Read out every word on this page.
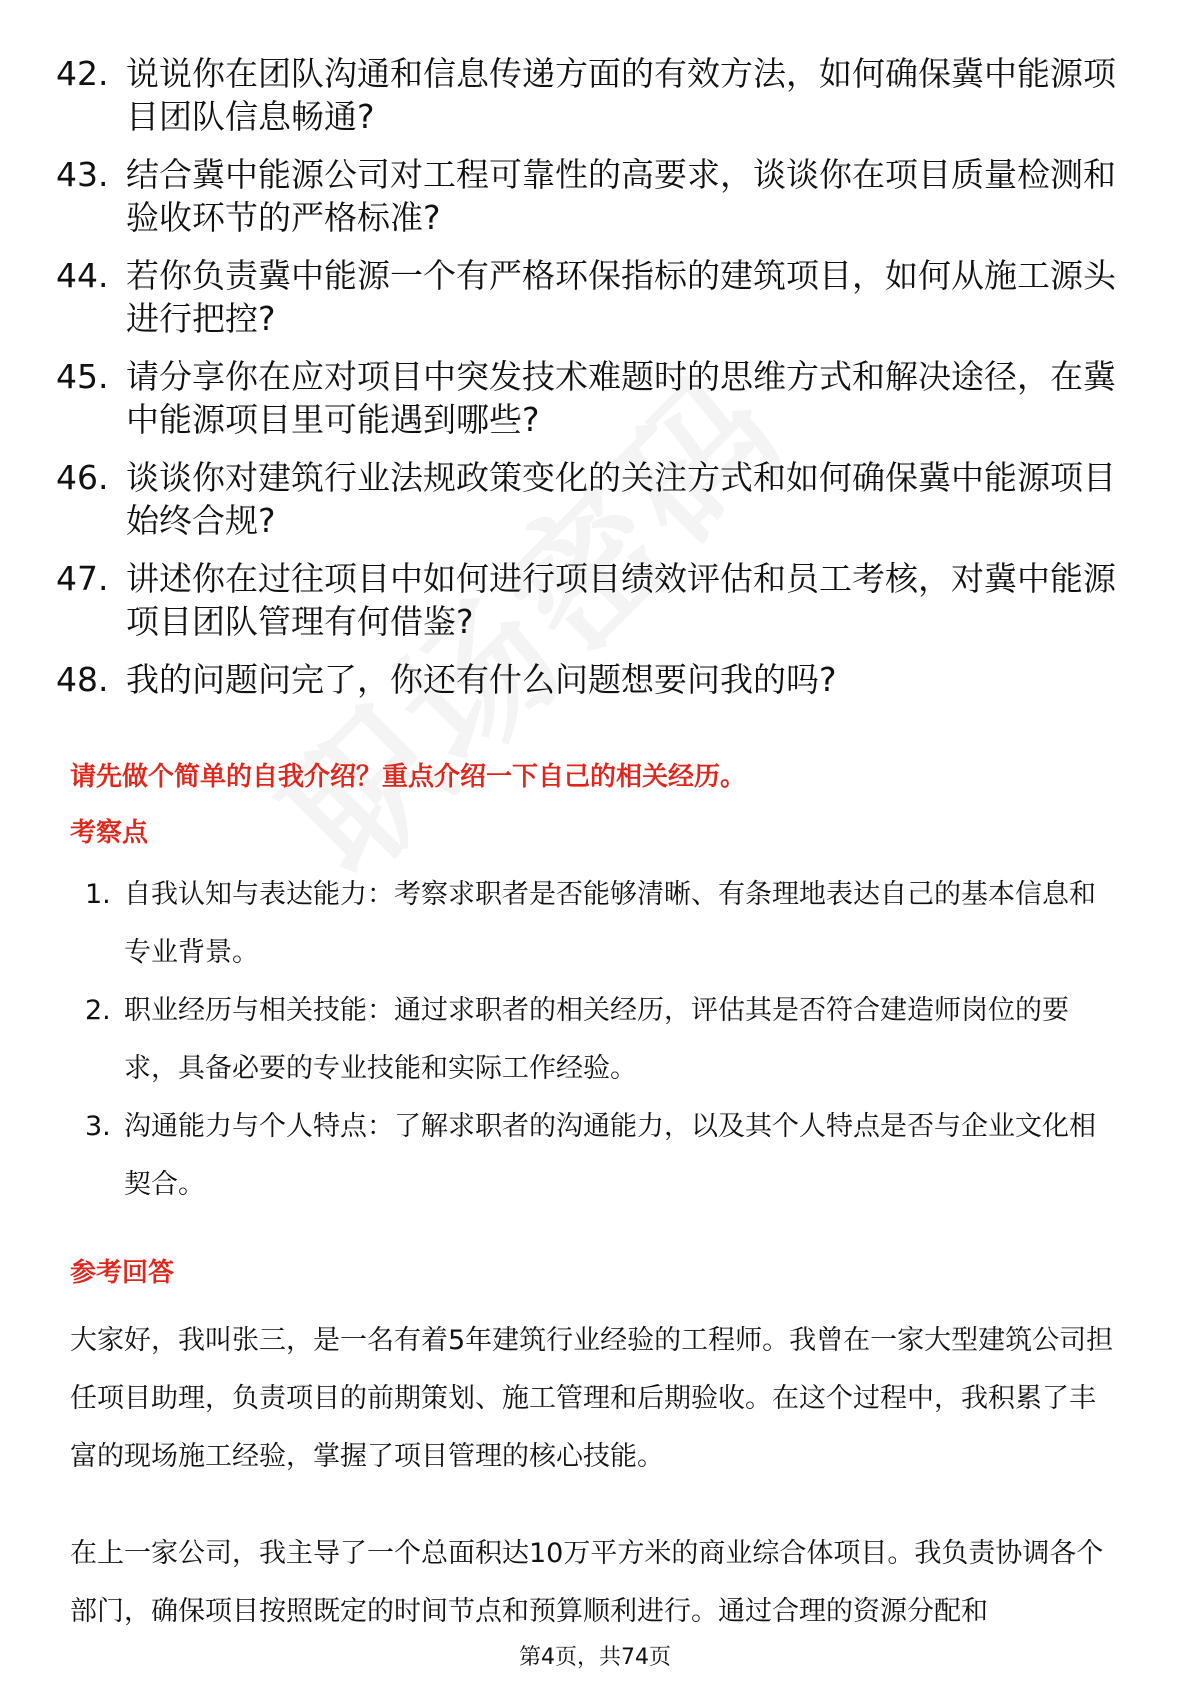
42. 说说你在团队沟通和信息传递方面的有效方法，如何确保冀中能源项目团队信息畅通?
43. 结合冀中能源公司对工程可靠性的高要求，谈谈你在项目质量检测和验收环节的严格标准?
44. 若你负责冀中能源一个有严格环保指标的建筑项目，如何从施工源头进行把控?
45. 请分享你在应对项目中突发技术难题时的思维方式和解决途径，在冀中能源项目里可能遇到哪些?
46. 谈谈你对建筑行业法规政策变化的关注方式和如何确保冀中能源项目始终合规?
47. 讲述你在过往项目中如何进行项目绩效评估和员工考核，对冀中能源项目团队管理有何借鉴?
48. 我的问题问完了，你还有什么问题想要问我的吗?
请先做个简单的自我介绍？重点介绍一下自己的相关经历。
考察点
1. 自我认知与表达能力：考察求职者是否能够清晰、有条理地表达自己的基本信息和专业背景。
2. 职业经历与相关技能：通过求职者的相关经历，评估其是否符合建造师岗位的要求，具备必要的专业技能和实际工作经验。
3. 沟通能力与个人特点：了解求职者的沟通能力，以及其个人特点是否与企业文化相契合。
参考回答

大家好，我叫张三，是一名有着5年建筑行业经验的工程师。我曾在一家大型建筑公司担任项目助理，负责项目的前期策划、施工管理和后期验收。在这个过程中，我积累了丰富的现场施工经验，掌握了项目管理的核心技能。

在上一家公司，我主导了一个总面积达10万平方米的商业综合体项目。我负责协调各个部门，确保项目按照既定的时间节点和预算顺利进行。通过合理的资源分配和

第4页，共74页
